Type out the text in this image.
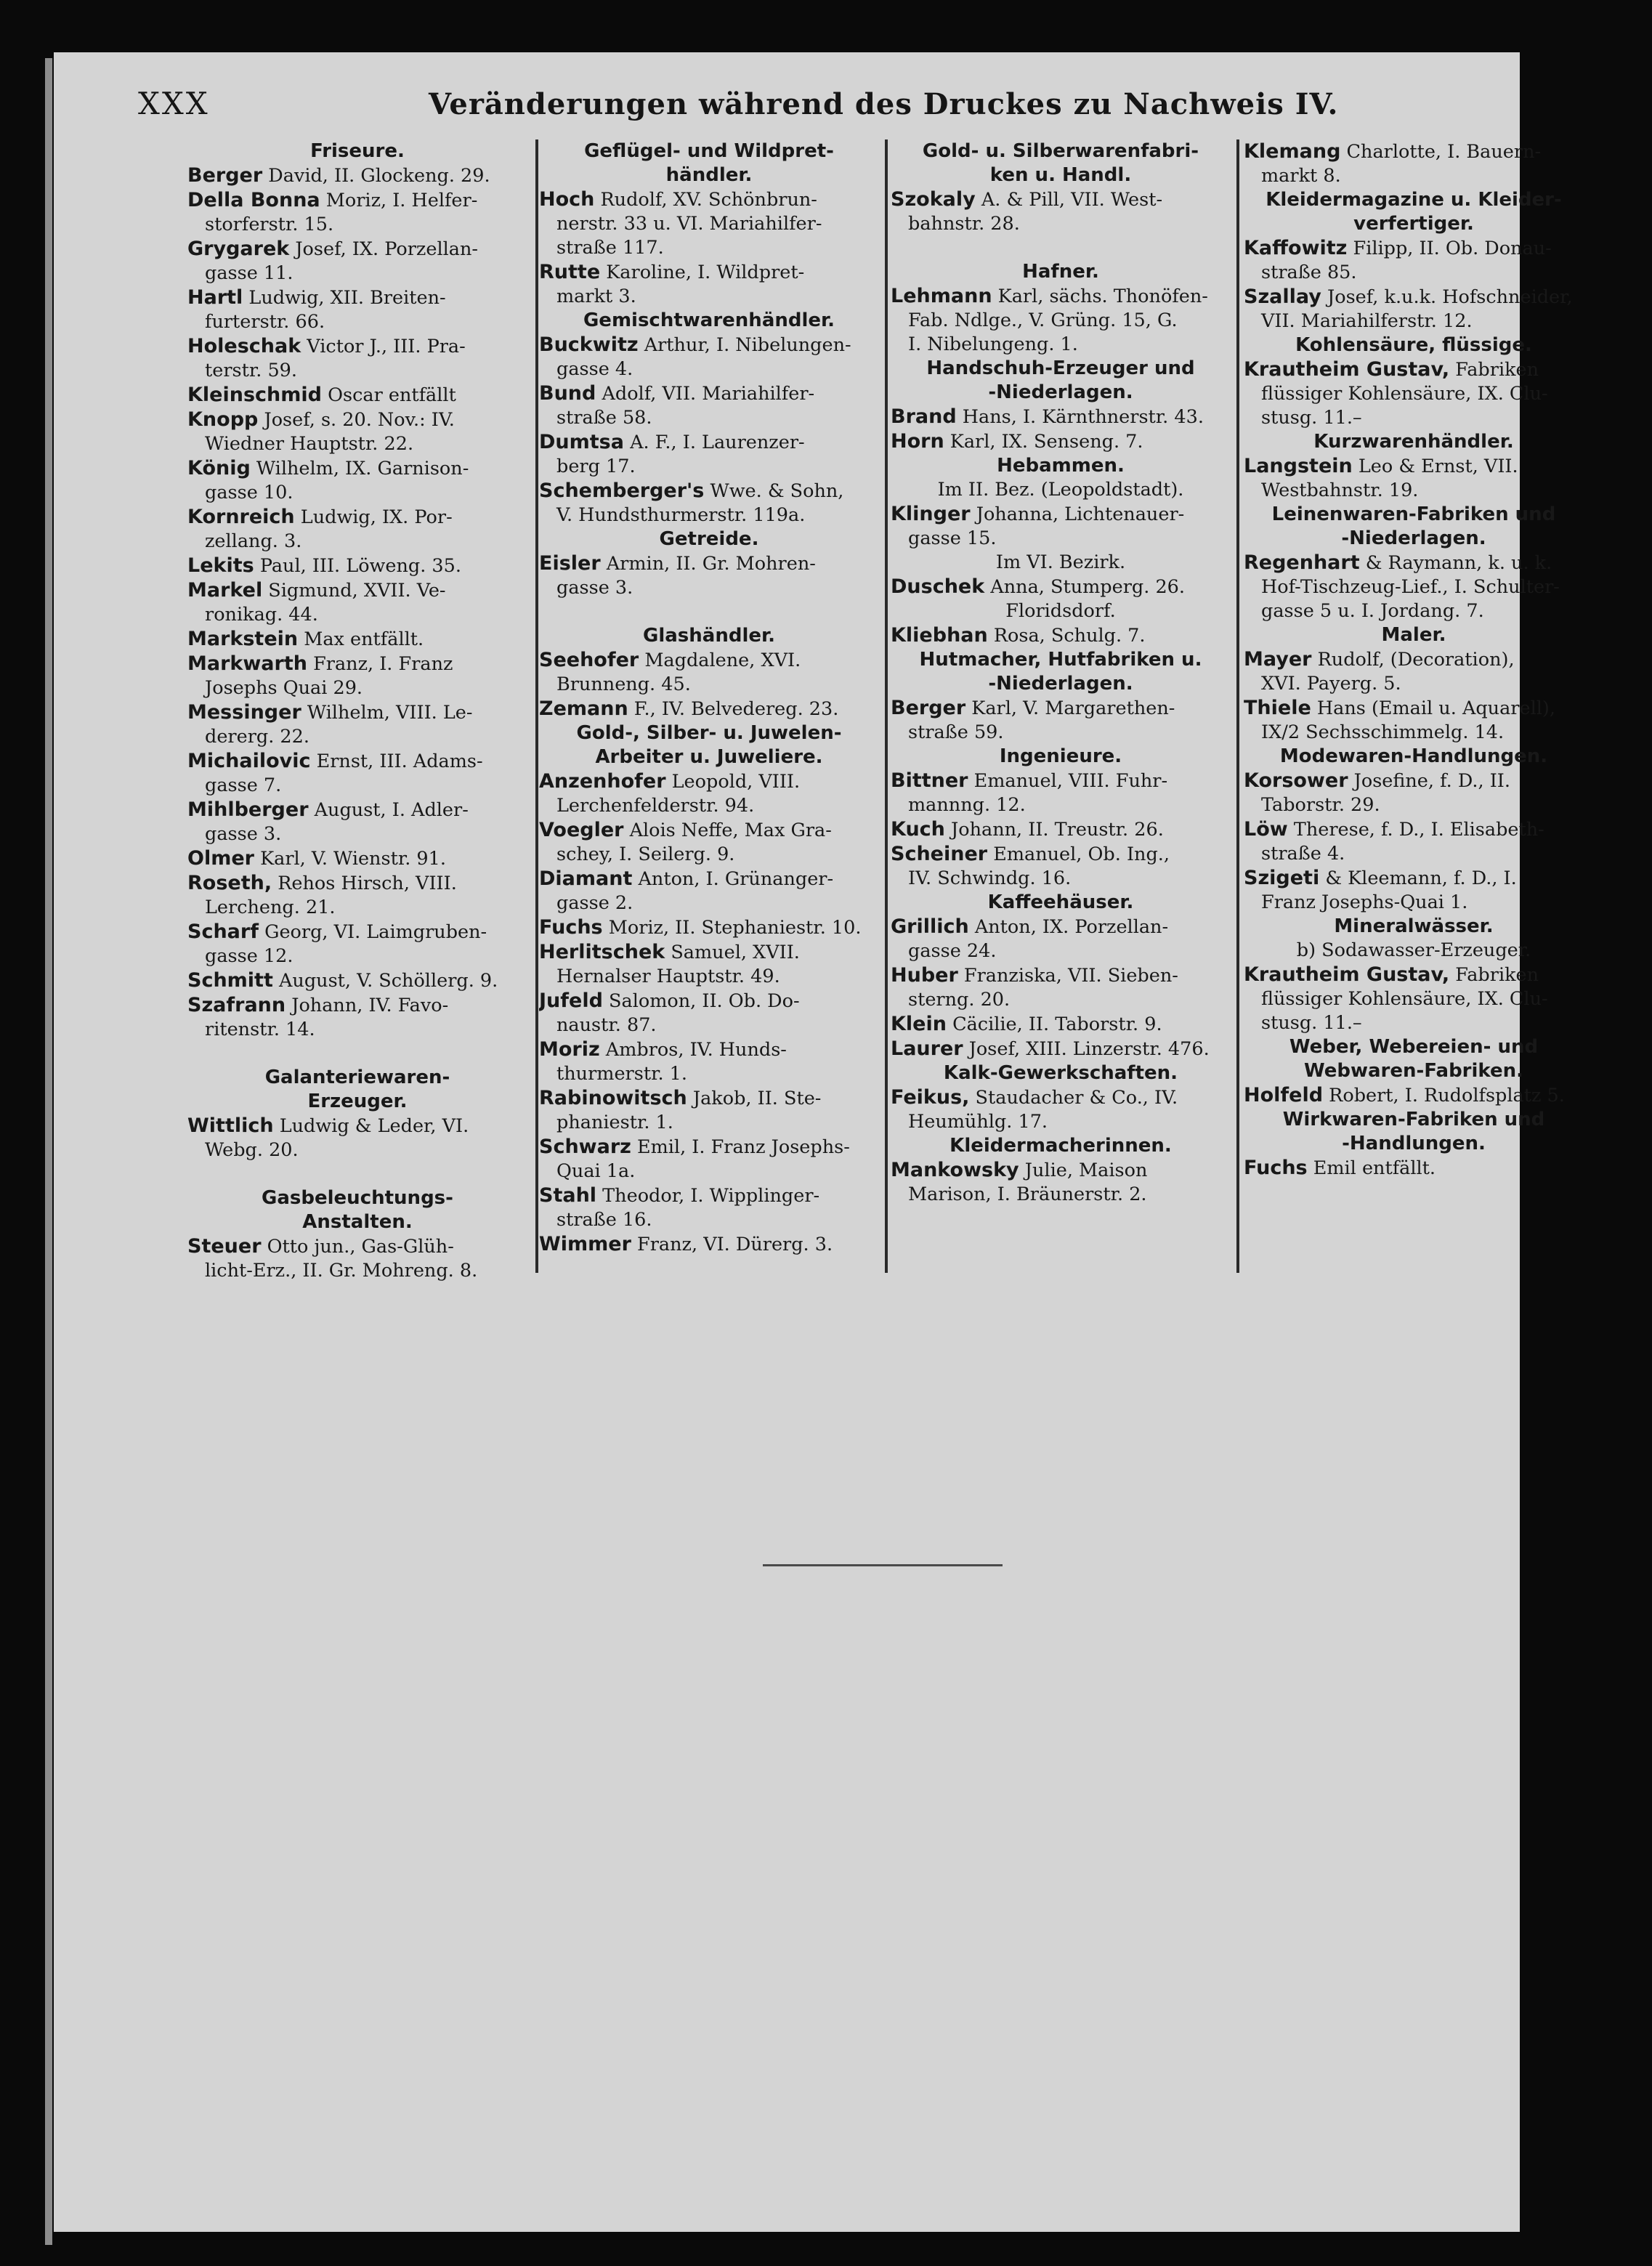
XXX	Veränderungen während des Druckes zu Nachweis IV.
Friseure.
Berger David, II. Glockeng. 29.
Della Bonna Moriz, I. Helfer-
storferstr. 15.
Grygarek Josef, IX. Porzellan-
gasse 11.
Hartl Ludwig, XII. Breiten-
furterstr. 66.
Holeschak Victor J., III. Pra-
terstr. 59.
Kleinschmid Oscar entfällt
Knopp Josef, s. 20. Nov.: IV.
Wiedner Hauptstr. 22.
König Wilhelm, IX. Garnison-
gasse 10.
Kornreich Ludwig, IX. Por-
zellang. 3.
Lekits Paul, III. Löweng. 35.
Markel Sigmund, XVII. Ve-
ronikag. 44.
Markstein Max entfällt.
Markwarth Franz, I. Franz
Josephs Quai 29.
Messinger Wilhelm, VIII. Le-
dererg. 22.
Michailovic Ernst, III. Adams-
gasse 7.
Mihlberger August, I. Adler-
gasse 3.
Olmer Karl, V. Wienstr. 91.
Roseth, Rehos Hirsch, VIII.
Lercheng. 21.
Scharf Georg, VI. Laimgruben-
gasse 12.
Schmitt August, V. Schöllerg. 9.
Szafrann Johann, IV. Favo-
ritenstr. 14.
Galanteriewaren-
Erzeuger.
Wittlich Ludwig & Leder, VI.
Webg. 20.
Gasbeleuchtungs-
Anstalten.
Steuer Otto jun., Gas-Glüh-
licht-Erz., II. Gr. Mohreng. 8.
Geflügel- und Wildpret-
händler.
Hoch Rudolf, XV. Schönbrun-
nerstr. 33 u. VI. Mariahilfer-
straße 117.
Rutte Karoline, I. Wildpret-
markt 3.
Gemischtwarenhändler.
Buckwitz Arthur, I. Nibelungen-
gasse 4.
Bund Adolf, VII. Mariahilfer-
straße 58.
Dumtsa A. F., I. Laurenzer-
berg 17.
Schemberger's Wwe. & Sohn,
V. Hundsthurmerstr. 119a.
Getreide.
Eisler Armin, II. Gr. Mohren-
gasse 3.
Glashändler.
Seehofer Magdalene, XVI.
Brunneng. 45.
Zemann F., IV. Belvedereg. 23.
Gold-, Silber- u. Juwelen-
Arbeiter u. Juweliere.
Anzenhofer Leopold, VIII.
Lerchenfelderstr. 94.
Voegler Alois Neffe, Max Gra-
schey, I. Seilerg. 9.
Diamant Anton, I. Grünanger-
gasse 2.
Fuchs Moriz, II. Stephaniestr. 10.
Herlitschek Samuel, XVII.
Hernalser Hauptstr. 49.
Jufeld Salomon, II. Ob. Do-
naustr. 87.
Moriz Ambros, IV. Hunds-
thurmerstr. 1.
Rabinowitsch Jakob, II. Ste-
phaniestr. 1.
Schwarz Emil, I. Franz Josephs-
Quai 1a.
Stahl Theodor, I. Wipplinger-
straße 16.
Wimmer Franz, VI. Dürerg. 3.
Gold- u. Silberwarenfabri-
ken u. Handl.
Szokaly A. & Pill, VII. West-
bahnstr. 28.
Hafner.
Lehmann Karl, sächs. Thonöfen-
Fab. Ndlge., V. Grüng. 15, G.
I. Nibelungeng. 1.
Handschuh-Erzeuger und
-Niederlagen.
Brand Hans, I. Kärnthnerstr. 43.
Horn Karl, IX. Senseng. 7.
Hebammen.
Im II. Bez. (Leopoldstadt).
Klinger Johanna, Lichtenauer-
gasse 15.
Im VI. Bezirk.
Duschek Anna, Stumperg. 26.
Floridsdorf.
Kliebhan Rosa, Schulg. 7.
Hutmacher, Hutfabriken u.
-Niederlagen.
Berger Karl, V. Margarethen-
straße 59.
Ingenieure.
Bittner Emanuel, VIII. Fuhr-
mannng. 12.
Kuch Johann, II. Treustr. 26.
Scheiner Emanuel, Ob. Ing.,
IV. Schwindg. 16.
Kaffeehäuser.
Grillich Anton, IX. Porzellan-
gasse 24.
Huber Franziska, VII. Sieben-
sterng. 20.
Klein Cäcilie, II. Taborstr. 9.
Laurer Josef, XIII. Linzerstr. 476.
Kalk-Gewerkschaften.
Feikus, Staudacher & Co., IV.
Heumühlg. 17.
Kleidermacherinnen.
Mankowsky Julie, Maison
Marison, I. Bräunerstr. 2.
Klemang Charlotte, I. Bauern-
markt 8.
Kleidermagazine u. Kleider-
verfertiger.
Kaffowitz Filipp, II. Ob. Donau-
straße 85.
Szallay Josef, k.u.k. Hofschneider,
VII. Mariahilferstr. 12.
Kohlensäure, flüssige.
Krautheim Gustav, Fabriken
flüssiger Kohlensäure, IX. Clu-
stusg. 11.–
Kurzwarenhändler.
Langstein Leo & Ernst, VII.
Westbahnstr. 19.
Leinenwaren-Fabriken und
-Niederlagen.
Regenhart & Raymann, k. u. k.
Hof-Tischzeug-Lief., I. Schulter-
gasse 5 u. I. Jordang. 7.
Maler.
Mayer Rudolf, (Decoration),
XVI. Payerg. 5.
Thiele Hans (Email u. Aquarell),
IX/2 Sechsschimmelg. 14.
Modewaren-Handlungen.
Korsower Josefine, f. D., II.
Taborstr. 29.
Löw Therese, f. D., I. Elisabeth-
straße 4.
Szigeti & Kleemann, f. D., I.
Franz Josephs-Quai 1.
Mineralwässer.
b) Sodawasser-Erzeuger.
Krautheim Gustav, Fabriken
flüssiger Kohlensäure, IX. Clu-
stusg. 11.–
Weber, Webereien- und
Webwaren-Fabriken.
Holfeld Robert, I. Rudolfsplatz 5.
Wirkwaren-Fabriken und
-Handlungen.
Fuchs Emil entfällt.
